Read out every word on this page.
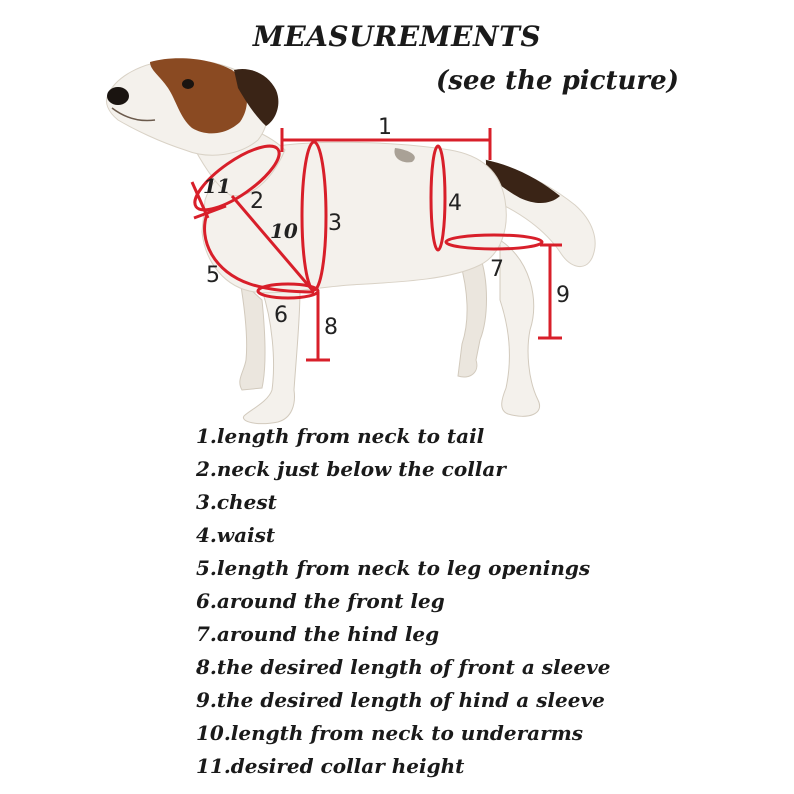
MEASUREMENTS
(see the picture)
1
2
3
4
5
6
7
8
9
10
11
1.length from neck to tail
2.neck just below the collar
3.chest
4.waist
5.length from neck to leg openings
6.around the front leg
7.around the hind leg
8.the desired length of front a sleeve
9.the desired length of hind a sleeve
10.length from neck to underarms
11.desired collar height
